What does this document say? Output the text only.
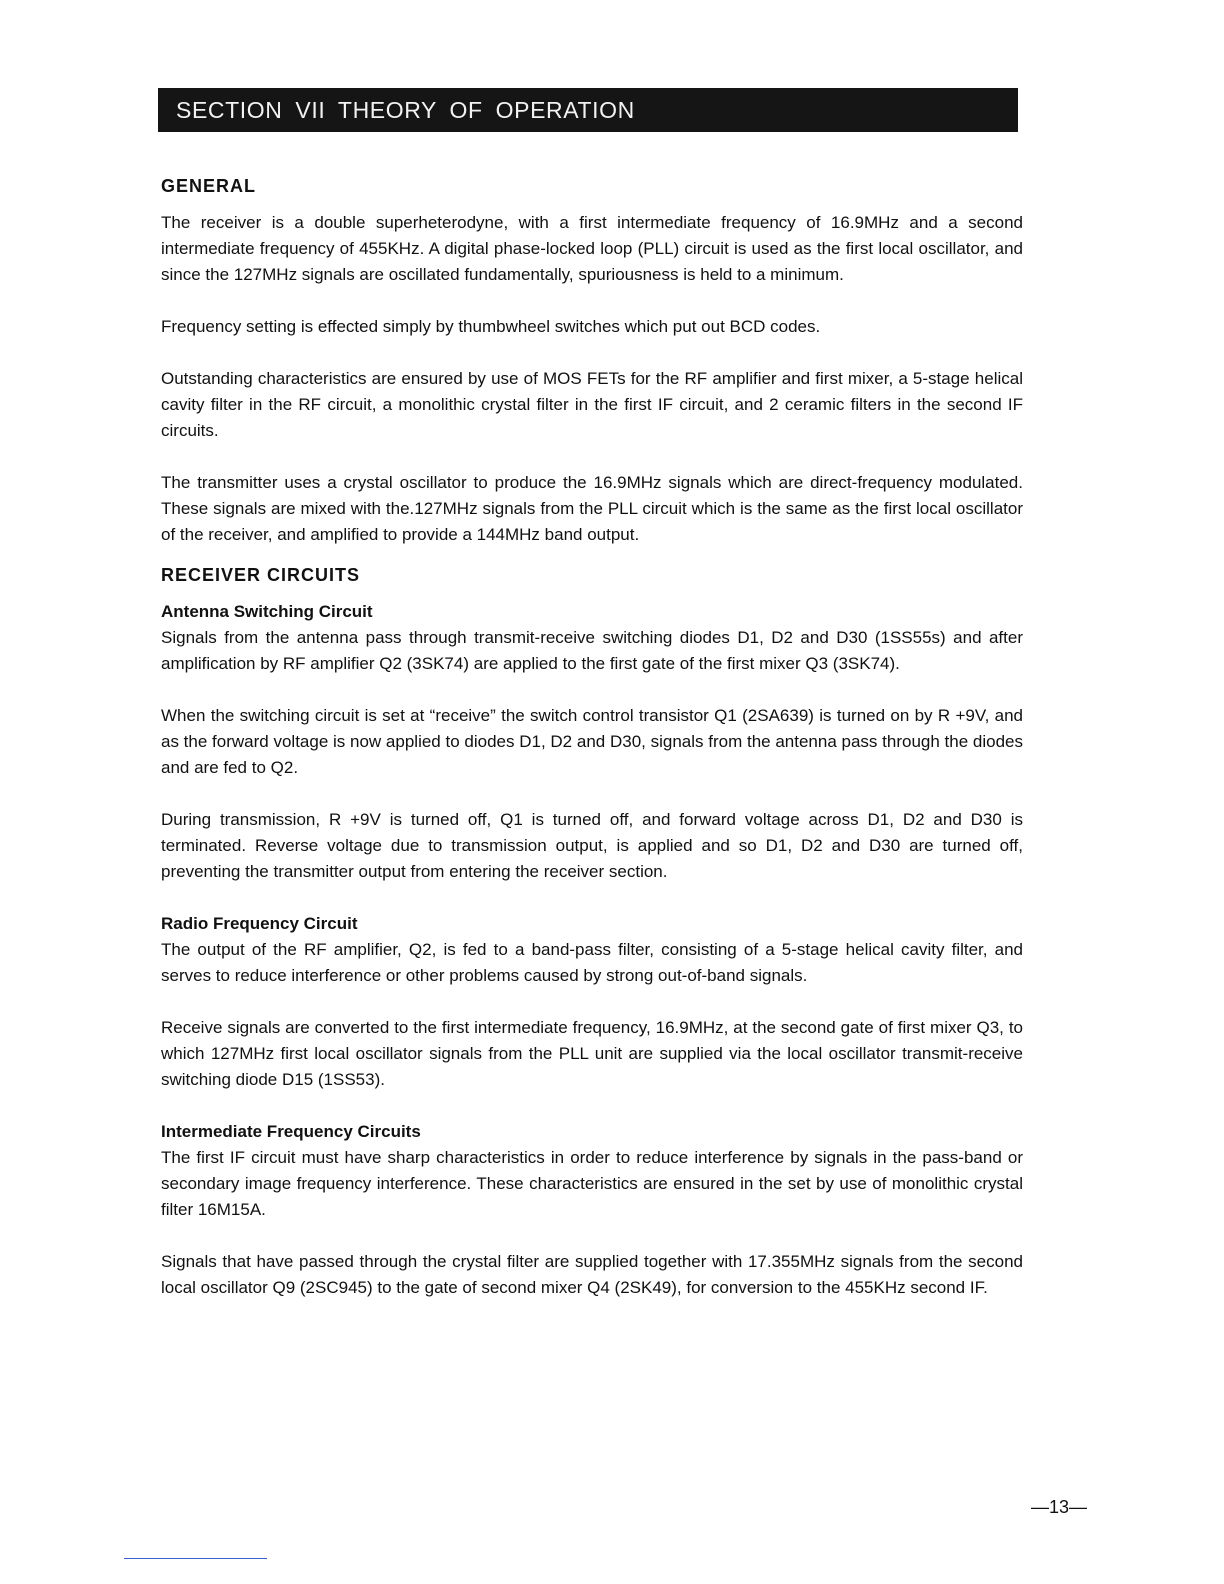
SECTION VII THEORY OF OPERATION
GENERAL

The receiver is a double superheterodyne, with a first intermediate frequency of 16.9MHz and a second intermediate frequency of 455KHz. A digital phase-locked loop (PLL) circuit is used as the first local oscillator, and since the 127MHz signals are oscillated fundamentally, spuriousness is held to a minimum.

Frequency setting is effected simply by thumbwheel switches which put out BCD codes.

Outstanding characteristics are ensured by use of MOS FETs for the RF amplifier and first mixer, a 5-stage helical cavity filter in the RF circuit, a monolithic crystal filter in the first IF circuit, and 2 ceramic filters in the second IF circuits.

The transmitter uses a crystal oscillator to produce the 16.9MHz signals which are direct-frequency modulated. These signals are mixed with the.127MHz signals from the PLL circuit which is the same as the first local oscillator of the receiver, and amplified to provide a 144MHz band output.

RECEIVER CIRCUITS
Antenna Switching Circuit

Signals from the antenna pass through transmit-receive switching diodes D1, D2 and D30 (1SS55s) and after amplification by RF amplifier Q2 (3SK74) are applied to the first gate of the first mixer Q3 (3SK74).

When the switching circuit is set at “receive” the switch control transistor Q1 (2SA639) is turned on by R +9V, and as the forward voltage is now applied to diodes D1, D2 and D30, signals from the antenna pass through the diodes and are fed to Q2.

During transmission, R +9V is turned off, Q1 is turned off, and forward voltage across D1, D2 and D30 is terminated. Reverse voltage due to transmission output, is applied and so D1, D2 and D30 are turned off, preventing the transmitter output from entering the receiver section.

Radio Frequency Circuit

The output of the RF amplifier, Q2, is fed to a band-pass filter, consisting of a 5-stage helical cavity filter, and serves to reduce interference or other problems caused by strong out-of-band signals.

Receive signals are converted to the first intermediate frequency, 16.9MHz, at the second gate of first mixer Q3, to which 127MHz first local oscillator signals from the PLL unit are supplied via the local oscillator transmit-receive switching diode D15 (1SS53).

Intermediate Frequency Circuits

The first IF circuit must have sharp characteristics in order to reduce interference by signals in the pass-band or secondary image frequency interference. These characteristics are ensured in the set by use of monolithic crystal filter 16M15A.

Signals that have passed through the crystal filter are supplied together with 17.355MHz signals from the second local oscillator Q9 (2SC945) to the gate of second mixer Q4 (2SK49), for conversion to the 455KHz second IF.

—13—
